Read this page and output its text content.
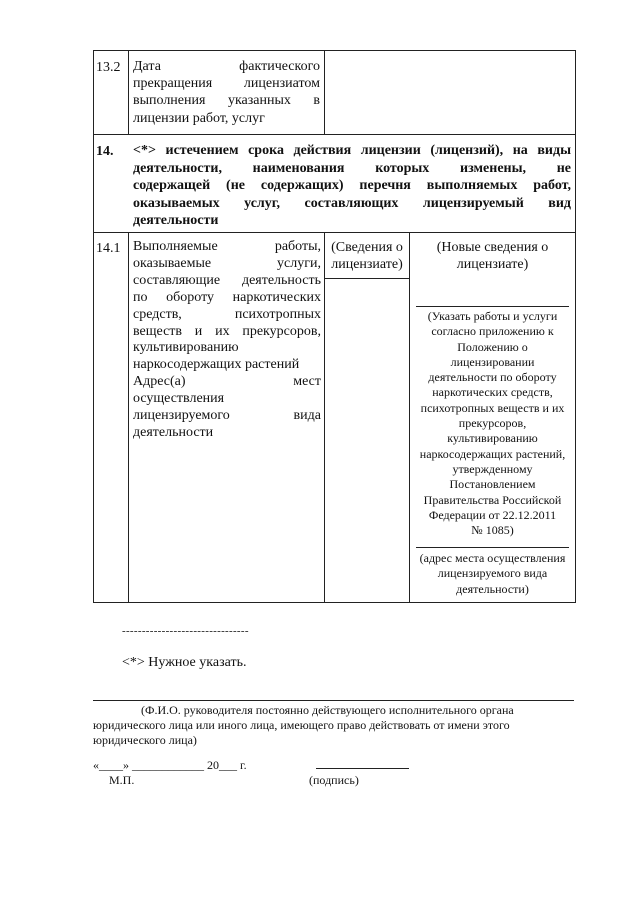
13.2 Дата фактического
прекращения лицензиатом
выполнения указанных в
лицензии работ, услуг
14. <*> истечением срока действия лицензии (лицензий), на виды
деятельности, наименования которых изменены, не
содержащей (не содержащих) перечня выполняемых работ,
оказываемых услуг, составляющих лицензируемый вид
деятельности
14.1 Выполняемые работы,
оказываемые услуги,
составляющие деятельность
по обороту наркотических
средств, психотропных
веществ и их прекурсоров,
культивированию
наркосодержащих растений
Адрес(а) мест
осуществления
лицензируемого вида
деятельности
(Сведения о
лицензиате)
(Новые сведения о
лицензиате)
(Указать работы и услуги
согласно приложению к
Положению о
лицензировании
деятельности по обороту
наркотических средств,
психотропных веществ и их
прекурсоров,
культивированию
наркосодержащих растений,
утвержденному
Постановлением
Правительства Российской
Федерации от 22.12.2011
№ 1085)
(адрес места осуществления
лицензируемого вида
деятельности)
--------------------------------
<*> Нужное указать.
(Ф.И.О. руководителя постоянно действующего исполнительного органа
юридического лица или иного лица, имеющего право действовать от имени этого
юридического лица)
«____» ____________ 20___ г.
М.П.	(подпись)
